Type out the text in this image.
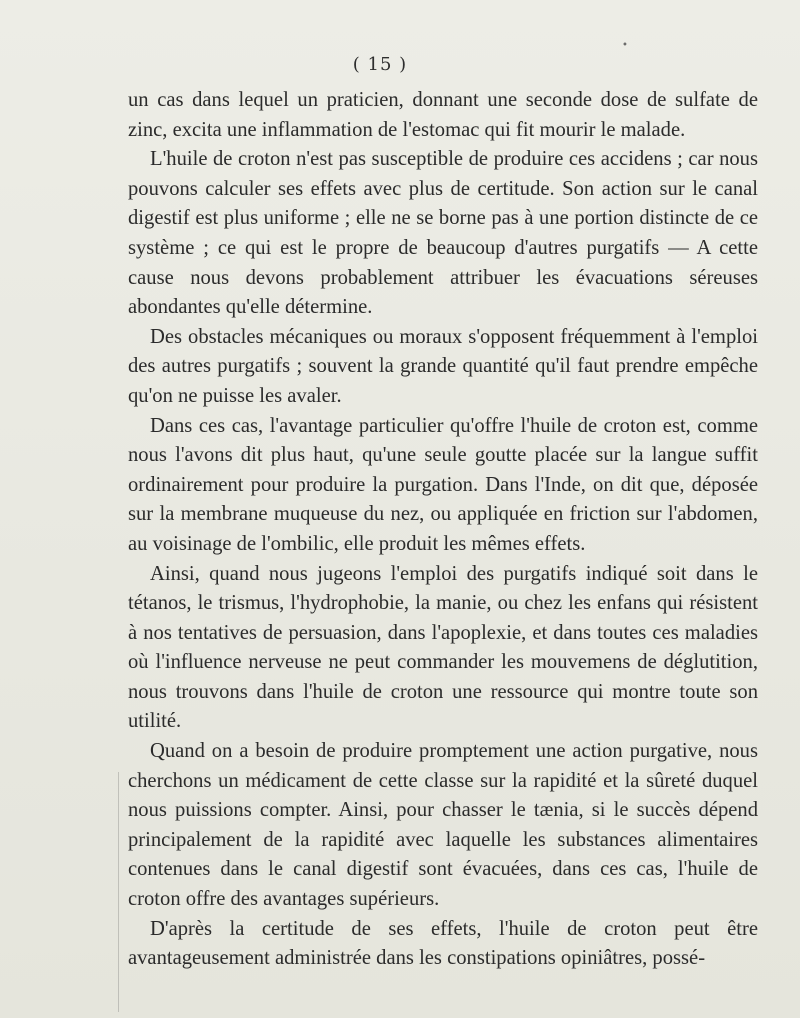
•
( 15 )

un cas dans lequel un praticien, donnant une seconde dose de sulfate de zinc, excita une inflammation de l'estomac qui fit mourir le malade.

L'huile de croton n'est pas susceptible de produire ces accidens ; car nous pouvons calculer ses effets avec plus de certitude. Son action sur le canal digestif est plus uniforme ; elle ne se borne pas à une portion distincte de ce système ; ce qui est le propre de beaucoup d'autres purgatifs — A cette cause nous devons probablement attribuer les évacuations séreuses abondantes qu'elle détermine.

Des obstacles mécaniques ou moraux s'opposent fréquemment à l'emploi des autres purgatifs ; souvent la grande quantité qu'il faut prendre empêche qu'on ne puisse les avaler.

Dans ces cas, l'avantage particulier qu'offre l'huile de croton est, comme nous l'avons dit plus haut, qu'une seule goutte placée sur la langue suffit ordinairement pour produire la purgation. Dans l'Inde, on dit que, déposée sur la membrane muqueuse du nez, ou appliquée en friction sur l'abdomen, au voisinage de l'ombilic, elle produit les mêmes effets.

Ainsi, quand nous jugeons l'emploi des purgatifs indiqué soit dans le tétanos, le trismus, l'hydrophobie, la manie, ou chez les enfans qui résistent à nos tentatives de persuasion, dans l'apoplexie, et dans toutes ces maladies où l'influence nerveuse ne peut commander les mouvemens de déglutition, nous trouvons dans l'huile de croton une ressource qui montre toute son utilité.

Quand on a besoin de produire promptement une action purgative, nous cherchons un médicament de cette classe sur la rapidité et la sûreté duquel nous puissions compter. Ainsi, pour chasser le tænia, si le succès dépend principalement de la rapidité avec laquelle les substances alimentaires contenues dans le canal digestif sont évacuées, dans ces cas, l'huile de croton offre des avantages supérieurs.

D'après la certitude de ses effets, l'huile de croton peut être avantageusement administrée dans les constipations opiniâtres, possé-
